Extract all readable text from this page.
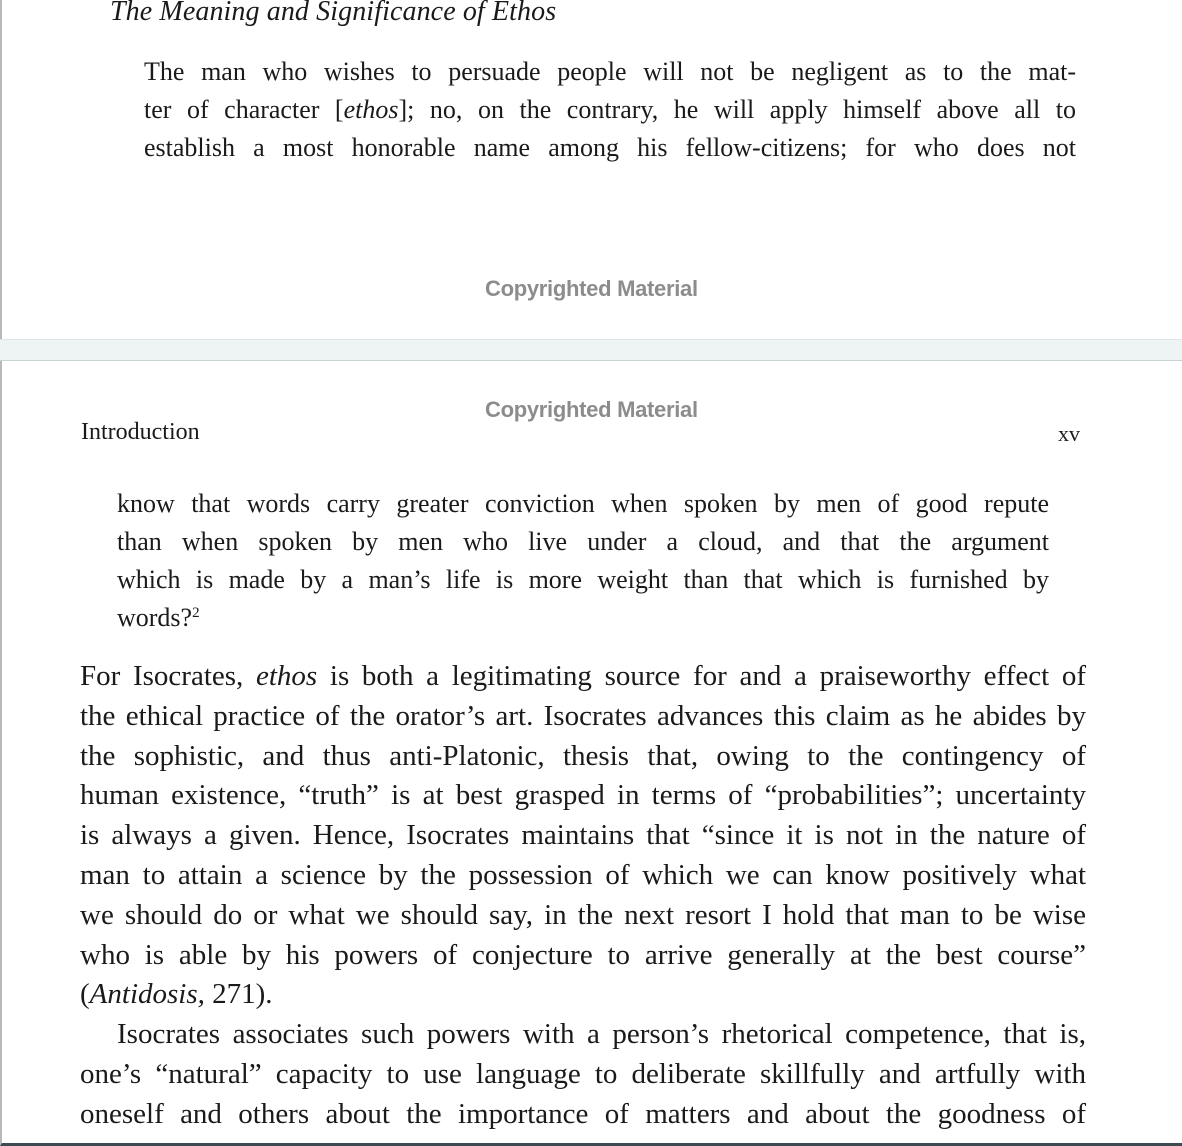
The Meaning and Significance of Ethos
The man who wishes to persuade people will not be negligent as to the mat-
ter of character [ethos]; no, on the contrary, he will apply himself above all to
establish a most honorable name among his fellow-citizens; for who does not
Copyrighted Material
Copyrighted Material
Introduction	xv
know that words carry greater conviction when spoken by men of good repute
than when spoken by men who live under a cloud, and that the argument
which is made by a man’s life is more weight than that which is furnished by
words?$^2$
For Isocrates, ethos is both a legitimating source for and a praiseworthy effect of
the ethical practice of the orator’s art. Isocrates advances this claim as he abides by
the sophistic, and thus anti-Platonic, thesis that, owing to the contingency of
human existence, “truth” is at best grasped in terms of “probabilities”; uncertainty
is always a given. Hence, Isocrates maintains that “since it is not in the nature of
man to attain a science by the possession of which we can know positively what
we should do or what we should say, in the next resort I hold that man to be wise
who is able by his powers of conjecture to arrive generally at the best course”
(Antidosis, 271).
Isocrates associates such powers with a person’s rhetorical competence, that is,
one’s “natural” capacity to use language to deliberate skillfully and artfully with
oneself and others about the importance of matters and about the goodness of
